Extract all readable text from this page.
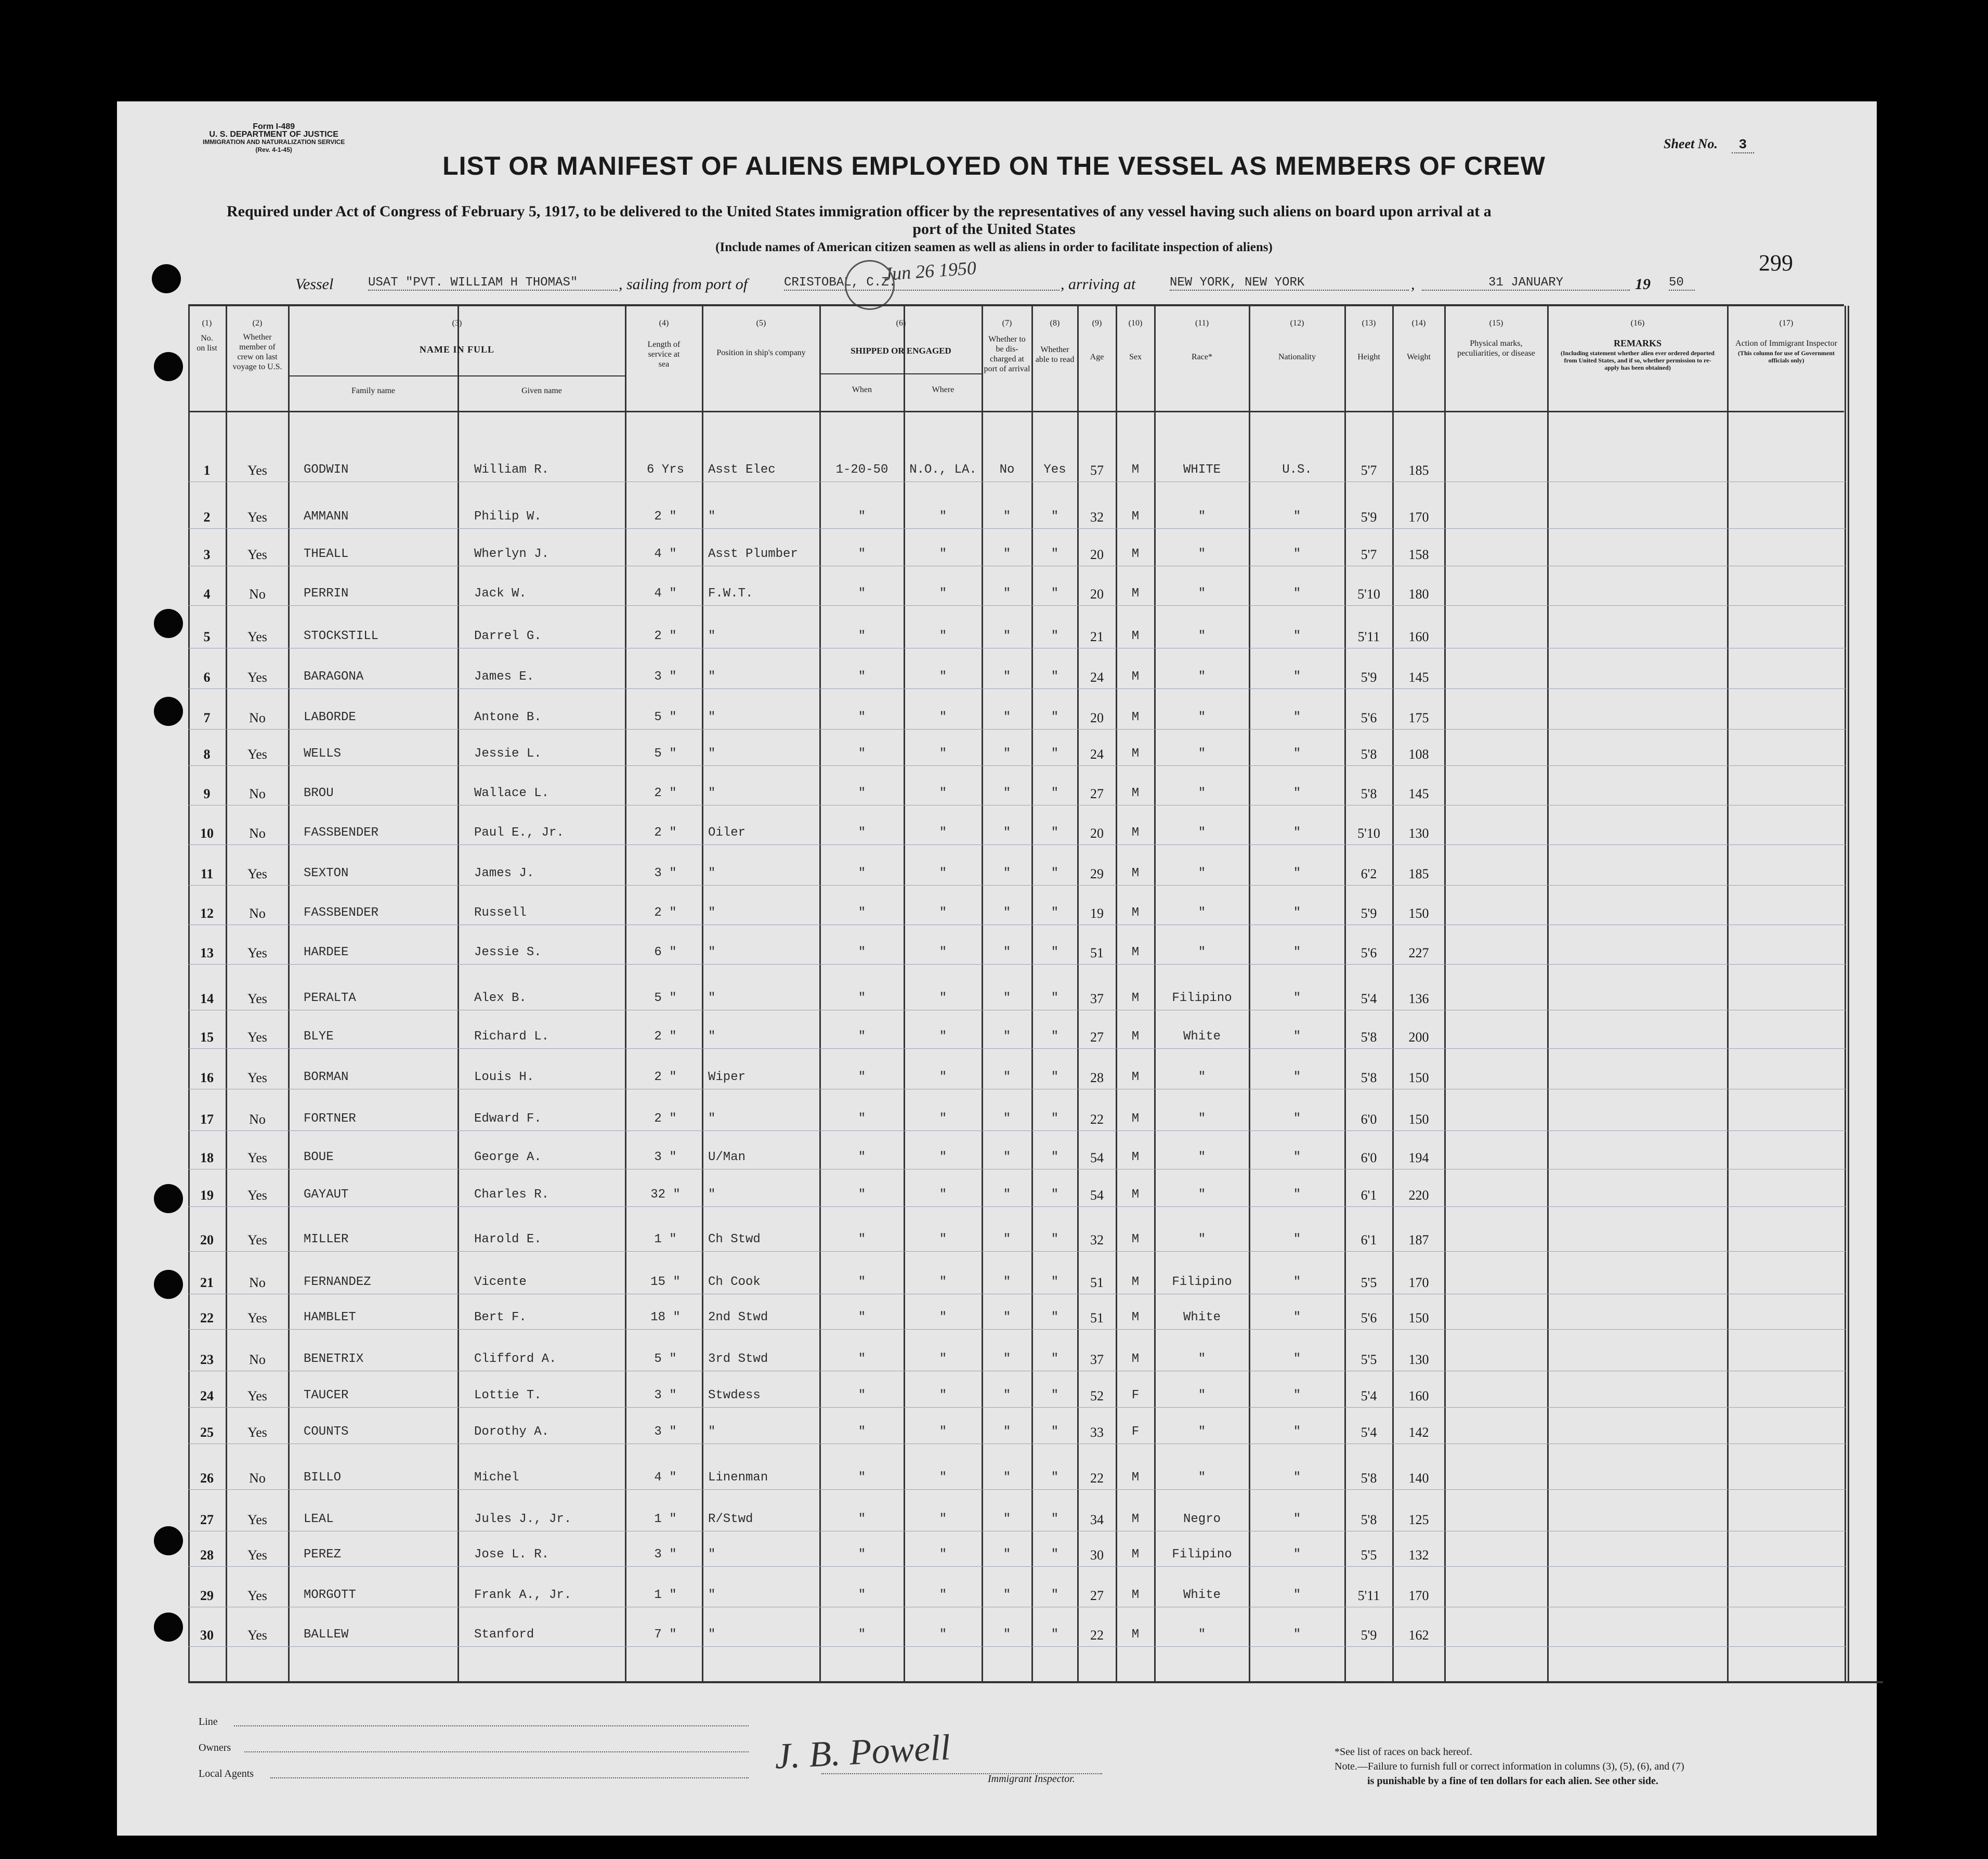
Form I-489
U. S. DEPARTMENT OF JUSTICE
IMMIGRATION AND NATURALIZATION SERVICE
(Rev. 4-1-45)	Sheet No. 3
LIST OR MANIFEST OF ALIENS EMPLOYED ON THE VESSEL AS MEMBERS OF CREW
Required under Act of Congress of February 5, 1917, to be delivered to the United States immigration officer by the representatives of any vessel having such aliens on board upon arrival at a
port of the United States
(Include names of American citizen seamen as well as aliens in order to facilitate inspection of aliens)
299
Vessel	USAT "PVT. WILLIAM H THOMAS"	, sailing from port of	CRISTOBAL, C.Z.
Jun 26 1950	, arriving at	NEW YORK, NEW YORK	,	31 JANUARY	19 50
(1)
No. on list
(2)
Whether member of crew on last voyage to U.S.
(3)
NAME IN FULL
Family name	Given name
(4)
Length of service at sea
(5)
Position in ship's company
(6)
SHIPPED OR ENGAGED
When	Where
(7)
Whether to be dis-charged at port of arrival
(8)
Whether able to read
(9)
Age
(10)
Sex
(11)
Race*
(12)
Nationality
(13)
Height
(14)
Weight
(15)
Physical marks, peculiarities, or disease
(16)
REMARKS
(Including statement whether alien ever ordered deported from United States, and if so, whether permission to re-apply has been obtained)
(17)
Action of Immigrant Inspector
(This column for use of Government officials only)
1	Yes	GODWIN	William R.	6 Yrs	Asst Elec	1-20-50	N.O., LA.	No	Yes	57	M	WHITE	U.S.	5'7	185
2	Yes	AMMANN	Philip W.	2 "	"	"	"	"	"	32	M	"	"	5'9	170
3	Yes	THEALL	Wherlyn J.	4 "	Asst Plumber	"	"	"	"	20	M	"	"	5'7	158
4	No	PERRIN	Jack W.	4 "	F.W.T.	"	"	"	"	20	M	"	"	5'10	180
5	Yes	STOCKSTILL	Darrel G.	2 "	"	"	"	"	"	21	M	"	"	5'11	160
6	Yes	BARAGONA	James E.	3 "	"	"	"	"	"	24	M	"	"	5'9	145
7	No	LABORDE	Antone B.	5 "	"	"	"	"	"	20	M	"	"	5'6	175
8	Yes	WELLS	Jessie L.	5 "	"	"	"	"	"	24	M	"	"	5'8	108
9	No	BROU	Wallace L.	2 "	"	"	"	"	"	27	M	"	"	5'8	145
10	No	FASSBENDER	Paul E., Jr.	2 "	Oiler	"	"	"	"	20	M	"	"	5'10	130
11	Yes	SEXTON	James J.	3 "	"	"	"	"	"	29	M	"	"	6'2	185
12	No	FASSBENDER	Russell	2 "	"	"	"	"	"	19	M	"	"	5'9	150
13	Yes	HARDEE	Jessie S.	6 "	"	"	"	"	"	51	M	"	"	5'6	227
14	Yes	PERALTA	Alex B.	5 "	"	"	"	"	"	37	M	Filipino	"	5'4	136
15	Yes	BLYE	Richard L.	2 "	"	"	"	"	"	27	M	White	"	5'8	200
16	Yes	BORMAN	Louis H.	2 "	Wiper	"	"	"	"	28	M	"	"	5'8	150
17	No	FORTNER	Edward F.	2 "	"	"	"	"	"	22	M	"	"	6'0	150
18	Yes	BOUE	George A.	3 "	U/Man	"	"	"	"	54	M	"	"	6'0	194
19	Yes	GAYAUT	Charles R.	32 "	"	"	"	"	"	54	M	"	"	6'1	220
20	Yes	MILLER	Harold E.	1 "	Ch Stwd	"	"	"	"	32	M	"	"	6'1	187
21	No	FERNANDEZ	Vicente	15 "	Ch Cook	"	"	"	"	51	M	Filipino	"	5'5	170
22	Yes	HAMBLET	Bert F.	18 "	2nd Stwd	"	"	"	"	51	M	White	"	5'6	150
23	No	BENETRIX	Clifford A.	5 "	3rd Stwd	"	"	"	"	37	M	"	"	5'5	130
24	Yes	TAUCER	Lottie T.	3 "	Stwdess	"	"	"	"	52	F	"	"	5'4	160
25	Yes	COUNTS	Dorothy A.	3 "	"	"	"	"	"	33	F	"	"	5'4	142
26	No	BILLO	Michel	4 "	Linenman	"	"	"	"	22	M	"	"	5'8	140
27	Yes	LEAL	Jules J., Jr.	1 "	R/Stwd	"	"	"	"	34	M	Negro	"	5'8	125
28	Yes	PEREZ	Jose L. R.	3 "	"	"	"	"	"	30	M	Filipino	"	5'5	132
29	Yes	MORGOTT	Frank A., Jr.	1 "	"	"	"	"	"	27	M	White	"	5'11	170
30	Yes	BALLEW	Stanford	7 "	"	"	"	"	"	22	M	"	"	5'9	162
Line
Owners
Local Agents	J. B. Powell
Immigrant Inspector.
*See list of races on back hereof.
Note.—Failure to furnish full or correct information in columns (3), (5), (6), and (7)
is punishable by a fine of ten dollars for each alien. See other side.
